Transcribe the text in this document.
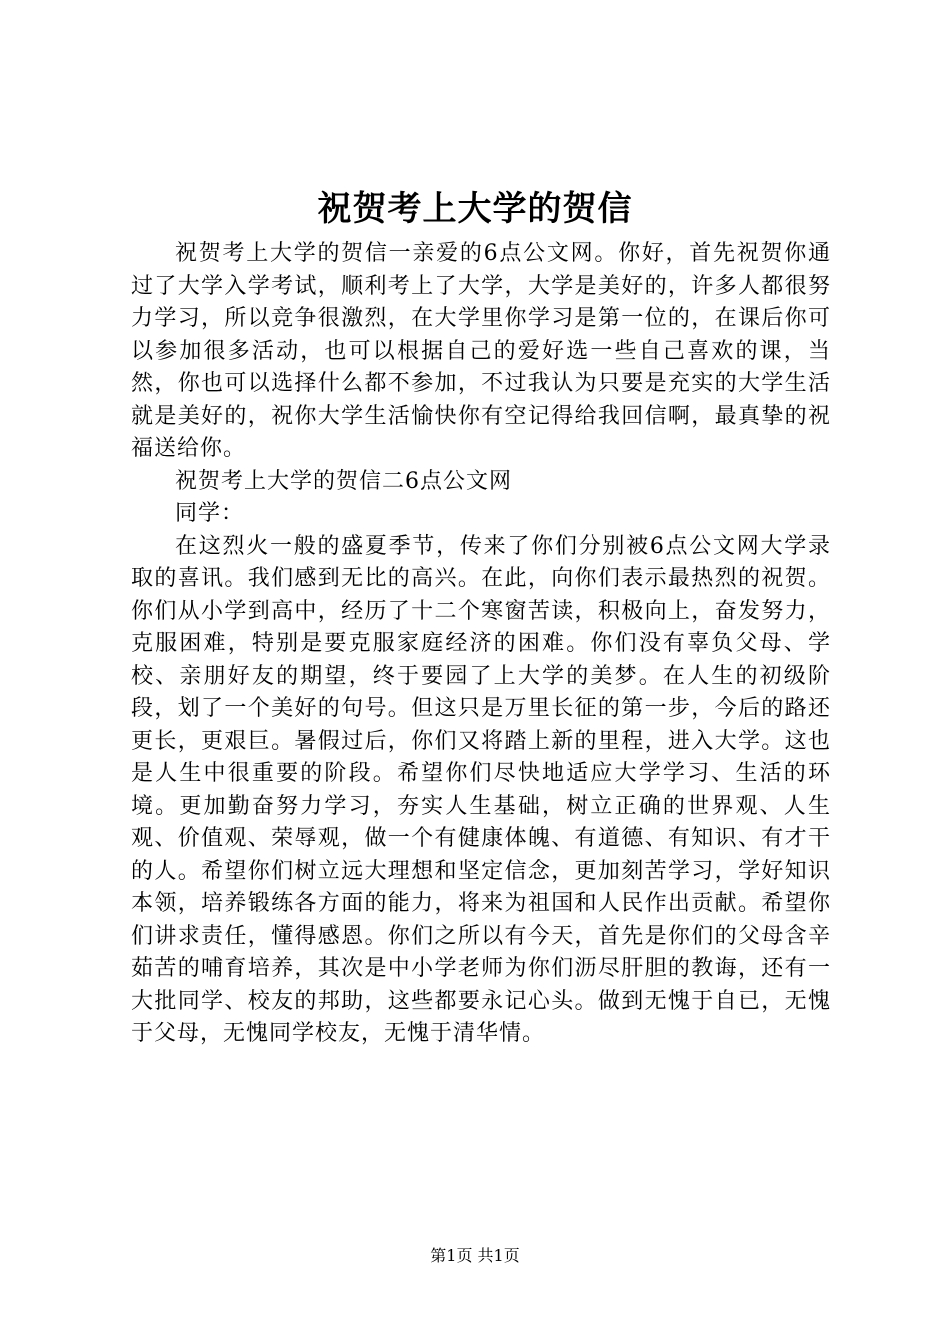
祝贺考上大学的贺信

祝贺考上大学的贺信一亲爱的6点公文网。你好，首先祝贺你通过了大学入学考试，顺利考上了大学，大学是美好的，许多人都很努力学习，所以竞争很激烈，在大学里你学习是第一位的，在课后你可以参加很多活动，也可以根据自己的爱好选一些自己喜欢的课，当然，你也可以选择什么都不参加，不过我认为只要是充实的大学生活就是美好的，祝你大学生活愉快你有空记得给我回信啊，最真挚的祝福送给你。

祝贺考上大学的贺信二6点公文网

同学：

在这烈火一般的盛夏季节，传来了你们分别被6点公文网大学录取的喜讯。我们感到无比的高兴。在此，向你们表示最热烈的祝贺。你们从小学到高中，经历了十二个寒窗苦读，积极向上，奋发努力，克服困难，特别是要克服家庭经济的困难。你们没有辜负父母、学校、亲朋好友的期望，终于要园了上大学的美梦。在人生的初级阶段，划了一个美好的句号。但这只是万里长征的第一步，今后的路还更长，更艰巨。暑假过后，你们又将踏上新的里程，进入大学。这也是人生中很重要的阶段。希望你们尽快地适应大学学习、生活的环境。更加勤奋努力学习，夯实人生基础，树立正确的世界观、人生观、价值观、荣辱观，做一个有健康体魄、有道德、有知识、有才干的人。希望你们树立远大理想和坚定信念，更加刻苦学习，学好知识本领，培养锻练各方面的能力，将来为祖国和人民作出贡献。希望你们讲求责任，懂得感恩。你们之所以有今天，首先是你们的父母含辛茹苦的哺育培养，其次是中小学老师为你们沥尽肝胆的教诲，还有一大批同学、校友的邦助，这些都要永记心头。做到无愧于自已，无愧于父母，无愧同学校友，无愧于清华情。

第1页 共1页
